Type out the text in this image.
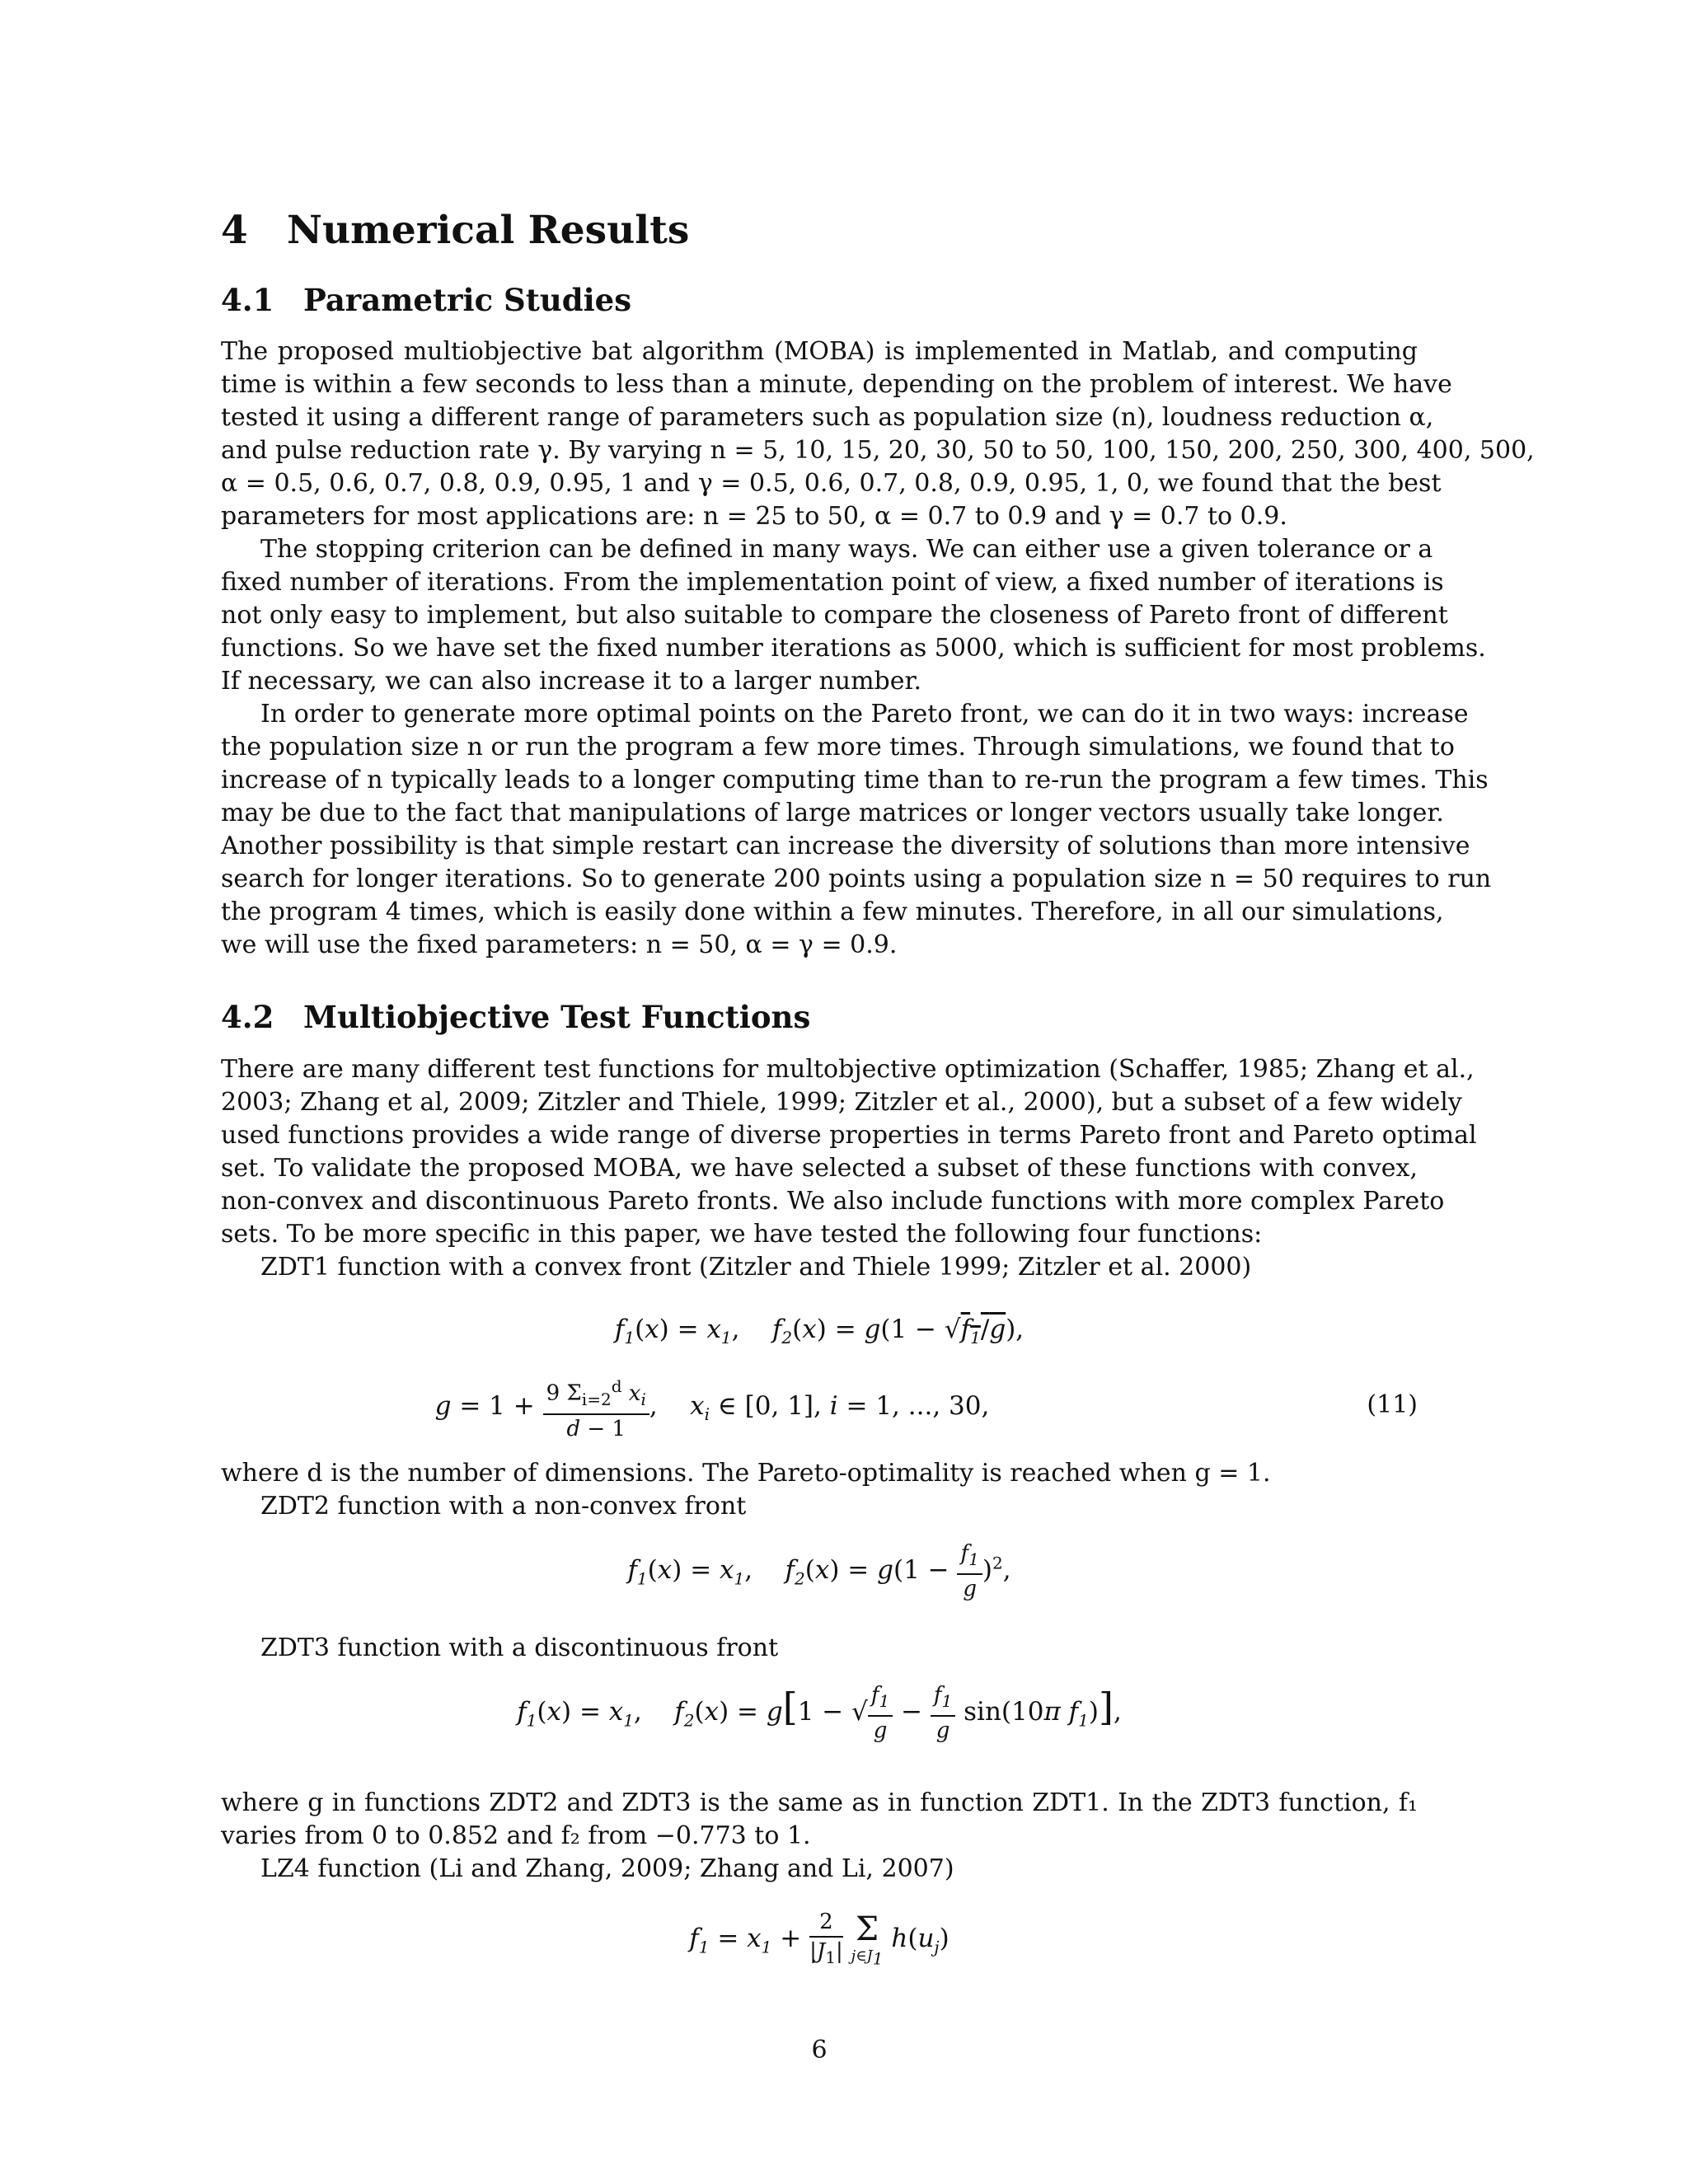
4 Numerical Results
4.1 Parametric Studies
The proposed multiobjective bat algorithm (MOBA) is implemented in Matlab, and computing
time is within a few seconds to less than a minute, depending on the problem of interest. We have
tested it using a different range of parameters such as population size (n), loudness reduction α,
and pulse reduction rate γ. By varying n = 5, 10, 15, 20, 30, 50 to 50, 100, 150, 200, 250, 300, 400, 500,
α = 0.5, 0.6, 0.7, 0.8, 0.9, 0.95, 1 and γ = 0.5, 0.6, 0.7, 0.8, 0.9, 0.95, 1, 0, we found that the best
parameters for most applications are: n = 25 to 50, α = 0.7 to 0.9 and γ = 0.7 to 0.9.
The stopping criterion can be defined in many ways. We can either use a given tolerance or a
fixed number of iterations. From the implementation point of view, a fixed number of iterations is
not only easy to implement, but also suitable to compare the closeness of Pareto front of different
functions. So we have set the fixed number iterations as 5000, which is sufficient for most problems.
If necessary, we can also increase it to a larger number.
In order to generate more optimal points on the Pareto front, we can do it in two ways: increase
the population size n or run the program a few more times. Through simulations, we found that to
increase of n typically leads to a longer computing time than to re-run the program a few times. This
may be due to the fact that manipulations of large matrices or longer vectors usually take longer.
Another possibility is that simple restart can increase the diversity of solutions than more intensive
search for longer iterations. So to generate 200 points using a population size n = 50 requires to run
the program 4 times, which is easily done within a few minutes. Therefore, in all our simulations,
we will use the fixed parameters: n = 50, α = γ = 0.9.
4.2 Multiobjective Test Functions
There are many different test functions for multobjective optimization (Schaffer, 1985; Zhang et al.,
2003; Zhang et al, 2009; Zitzler and Thiele, 1999; Zitzler et al., 2000), but a subset of a few widely
used functions provides a wide range of diverse properties in terms Pareto front and Pareto optimal
set. To validate the proposed MOBA, we have selected a subset of these functions with convex,
non-convex and discontinuous Pareto fronts. We also include functions with more complex Pareto
sets. To be more specific in this paper, we have tested the following four functions:
ZDT1 function with a convex front (Zitzler and Thiele 1999; Zitzler et al. 2000)
$f_1(x) = x_1$,    $f_2(x) = g(1 - √f_1/g)$,
$g = 1 + \frac{9 \Sigma_{i=2}^d x_i}{d - 1}$ ,    $x_i$ ∈ [0, 1], i = 1, ..., 30,	(11)
where d is the number of dimensions. The Pareto-optimality is reached when g = 1.
ZDT2 function with a non-convex front
$f_1(x) = x_1$,    $f_2(x) = g(1 - \frac{f_1}{g} )^2$,
ZDT3 function with a discontinuous front
$f_1(x) = x_1$,    $f_2(x) = g[1$ − √ $\frac{f_1}{g} - \frac{f_1}{g} \sin(10\pi$ $f_1$)],
where g in functions ZDT2 and ZDT3 is the same as in function ZDT1. In the ZDT3 function, f₁
varies from 0 to 0.852 and f₂ from −0.773 to 1.
LZ4 function (Li and Zhang, 2009; Zhang and Li, 2007)
$f_1 = x_1 + \frac{2}{|J_1|}$
Σ
$j\in J_1$
$h(u_j)$
6
